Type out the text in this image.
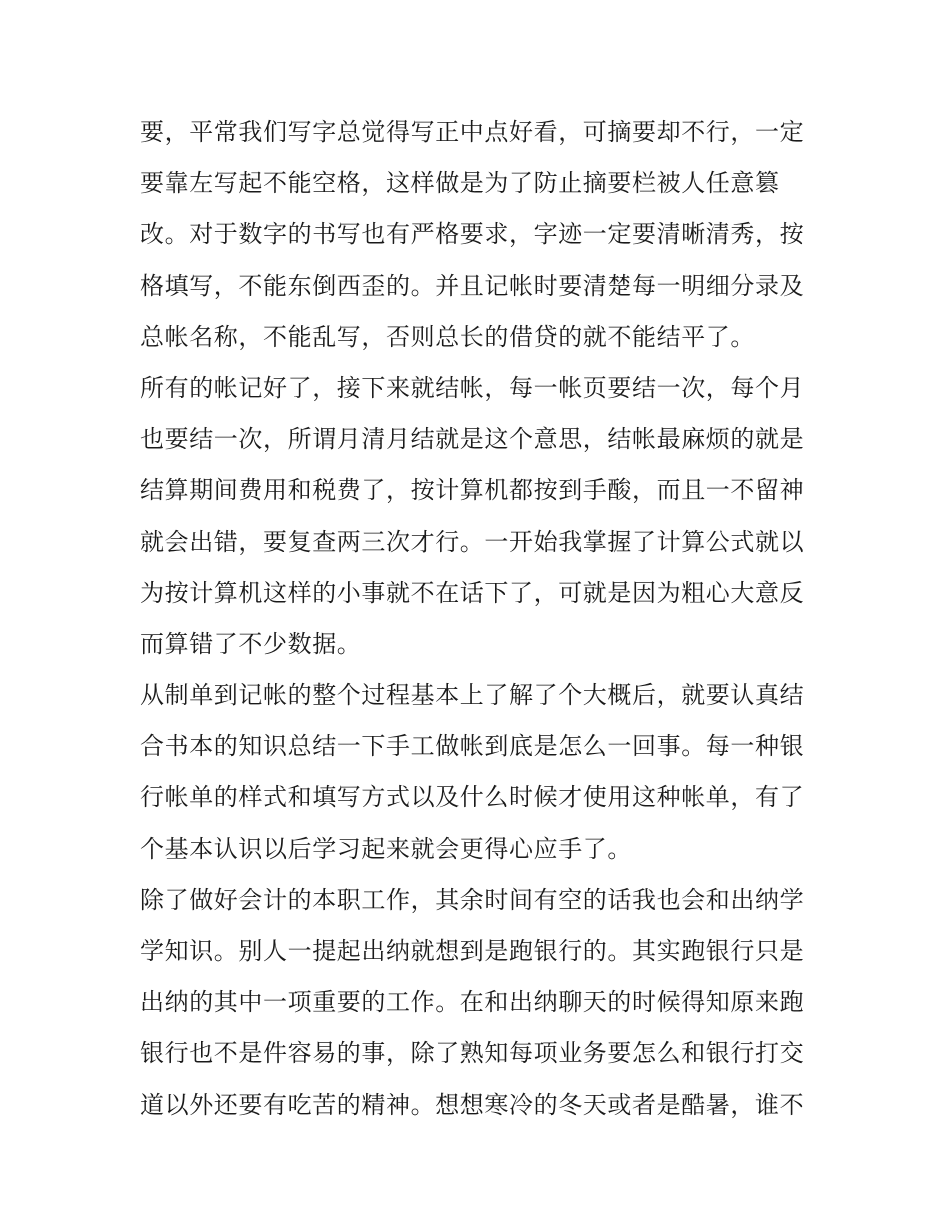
要，平常我们写字总觉得写正中点好看，可摘要却不行，一定
要靠左写起不能空格，这样做是为了防止摘要栏被人任意篡
改。对于数字的书写也有严格要求，字迹一定要清晰清秀，按
格填写，不能东倒西歪的。并且记帐时要清楚每一明细分录及
总帐名称，不能乱写，否则总长的借贷的就不能结平了。
所有的帐记好了，接下来就结帐，每一帐页要结一次，每个月
也要结一次，所谓月清月结就是这个意思，结帐最麻烦的就是
结算期间费用和税费了，按计算机都按到手酸，而且一不留神
就会出错，要复查两三次才行。一开始我掌握了计算公式就以
为按计算机这样的小事就不在话下了，可就是因为粗心大意反
而算错了不少数据。
从制单到记帐的整个过程基本上了解了个大概后，就要认真结
合书本的知识总结一下手工做帐到底是怎么一回事。每一种银
行帐单的样式和填写方式以及什么时候才使用这种帐单，有了
个基本认识以后学习起来就会更得心应手了。
除了做好会计的本职工作，其余时间有空的话我也会和出纳学
学知识。别人一提起出纳就想到是跑银行的。其实跑银行只是
出纳的其中一项重要的工作。在和出纳聊天的时候得知原来跑
银行也不是件容易的事，除了熟知每项业务要怎么和银行打交
道以外还要有吃苦的精神。想想寒冷的冬天或者是酷暑，谁不
